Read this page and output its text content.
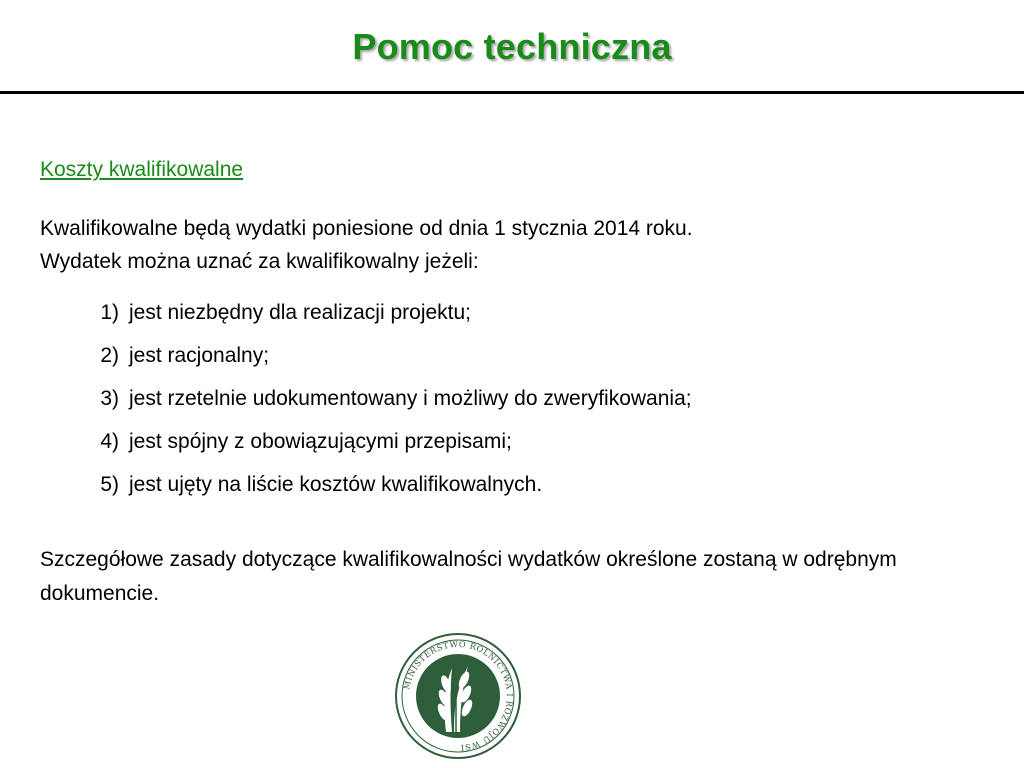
Pomoc techniczna
Koszty kwalifikowalne
Kwalifikowalne będą wydatki poniesione od dnia 1 stycznia 2014 roku.
Wydatek można uznać za kwalifikowalny jeżeli:
1) jest niezbędny dla realizacji projektu;
2) jest racjonalny;
3) jest rzetelnie udokumentowany i możliwy do zweryfikowania;
4) jest spójny z obowiązującymi przepisami;
5) jest ujęty na liście kosztów kwalifikowalnych.
Szczegółowe zasady dotyczące kwalifikowalności wydatków określone zostaną w odrębnym dokumencie.
MINISTERSTWO ROLNICTWA I ROZWOJU WSI
